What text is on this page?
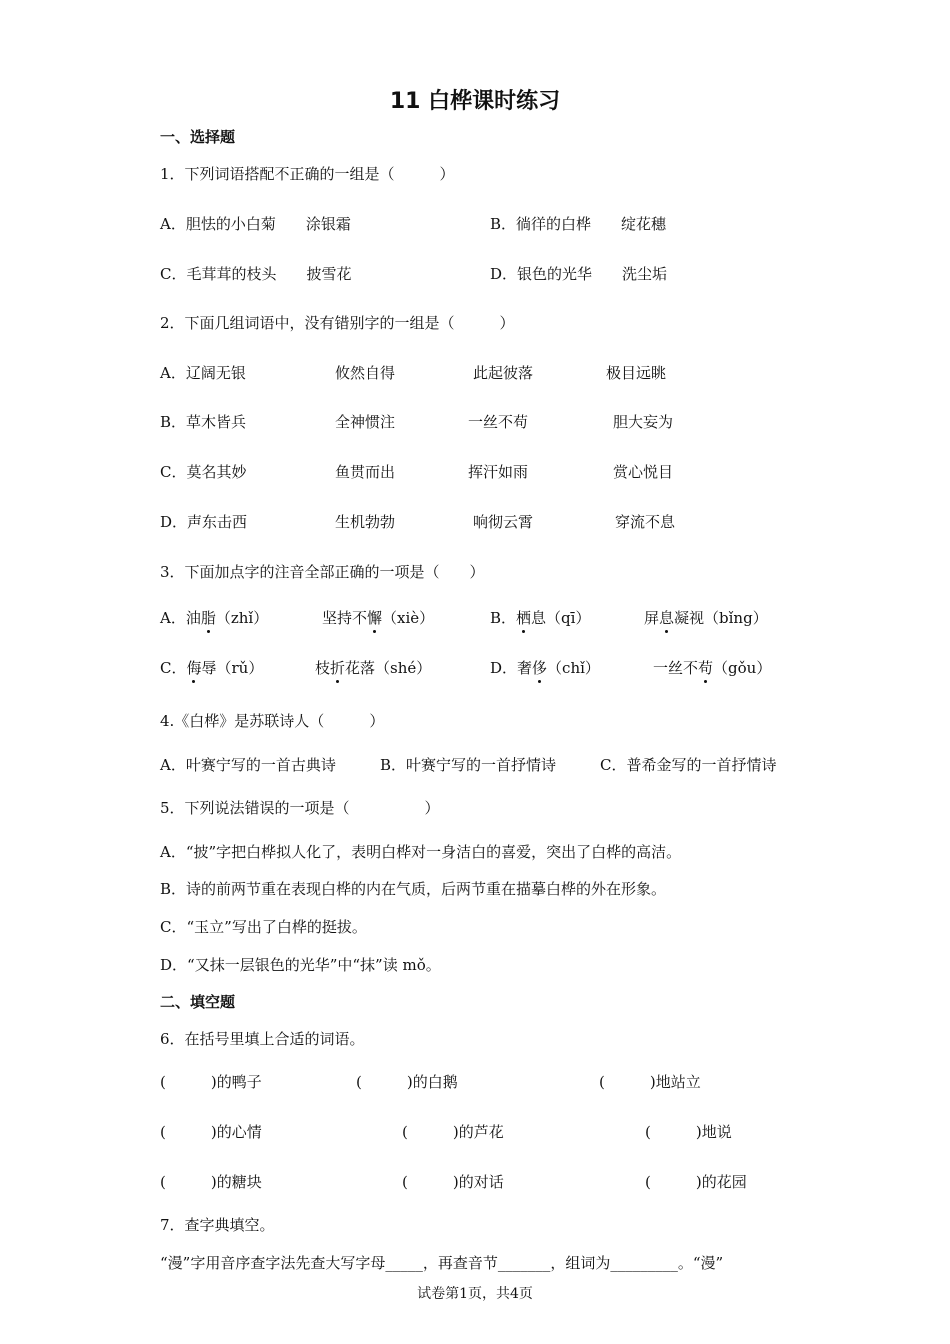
11 白桦课时练习
一、选择题
1．下列词语搭配不正确的一组是（　　　）
A．胆怯的小白菊　　涂银霜	B．徜徉的白桦　　绽花穗
C．毛茸茸的枝头　　披雪花	D．银色的光华　　洗尘垢
2．下面几组词语中，没有错别字的一组是（　　　）
A．辽阔无银	攸然自得	此起彼落	极目远眺
B．草木皆兵	全神惯注	一丝不苟	胆大妄为
C．莫名其妙	鱼贯而出	挥汗如雨	赏心悦目
D．声东击西	生机勃勃	响彻云霄	穿流不息
3．下面加点字的注音全部正确的一项是（　　）
A．油脂（zhǐ）	坚持不懈（xiè）	B．栖息（qī）	屏息凝视（bǐng）
C．侮辱（rǔ）	枝折花落（shé）	D．奢侈（chǐ）	一丝不苟（gǒu）
4.《白桦》是苏联诗人（　　　）
A．叶赛宁写的一首古典诗	B．叶赛宁写的一首抒情诗	C．普希金写的一首抒情诗
5．下列说法错误的一项是（　　　　　）
A．“披”字把白桦拟人化了，表明白桦对一身洁白的喜爱，突出了白桦的高洁。
B．诗的前两节重在表现白桦的内在气质，后两节重在描摹白桦的外在形象。
C．“玉立”写出了白桦的挺拔。
D．“又抹一层银色的光华”中“抹”读 mǒ。
二、填空题
6．在括号里填上合适的词语。
(　　　)的鸭子	(　　　)的白鹅	(　　　)地站立
(　　　)的心情	(　　　)的芦花	(　　　)地说
(　　　)的糖块	(　　　)的对话	(　　　)的花园
7．查字典填空。
“漫”字用音序查字法先查大写字母_____，再查音节_______，组词为_________。“漫”
试卷第1页，共4页
